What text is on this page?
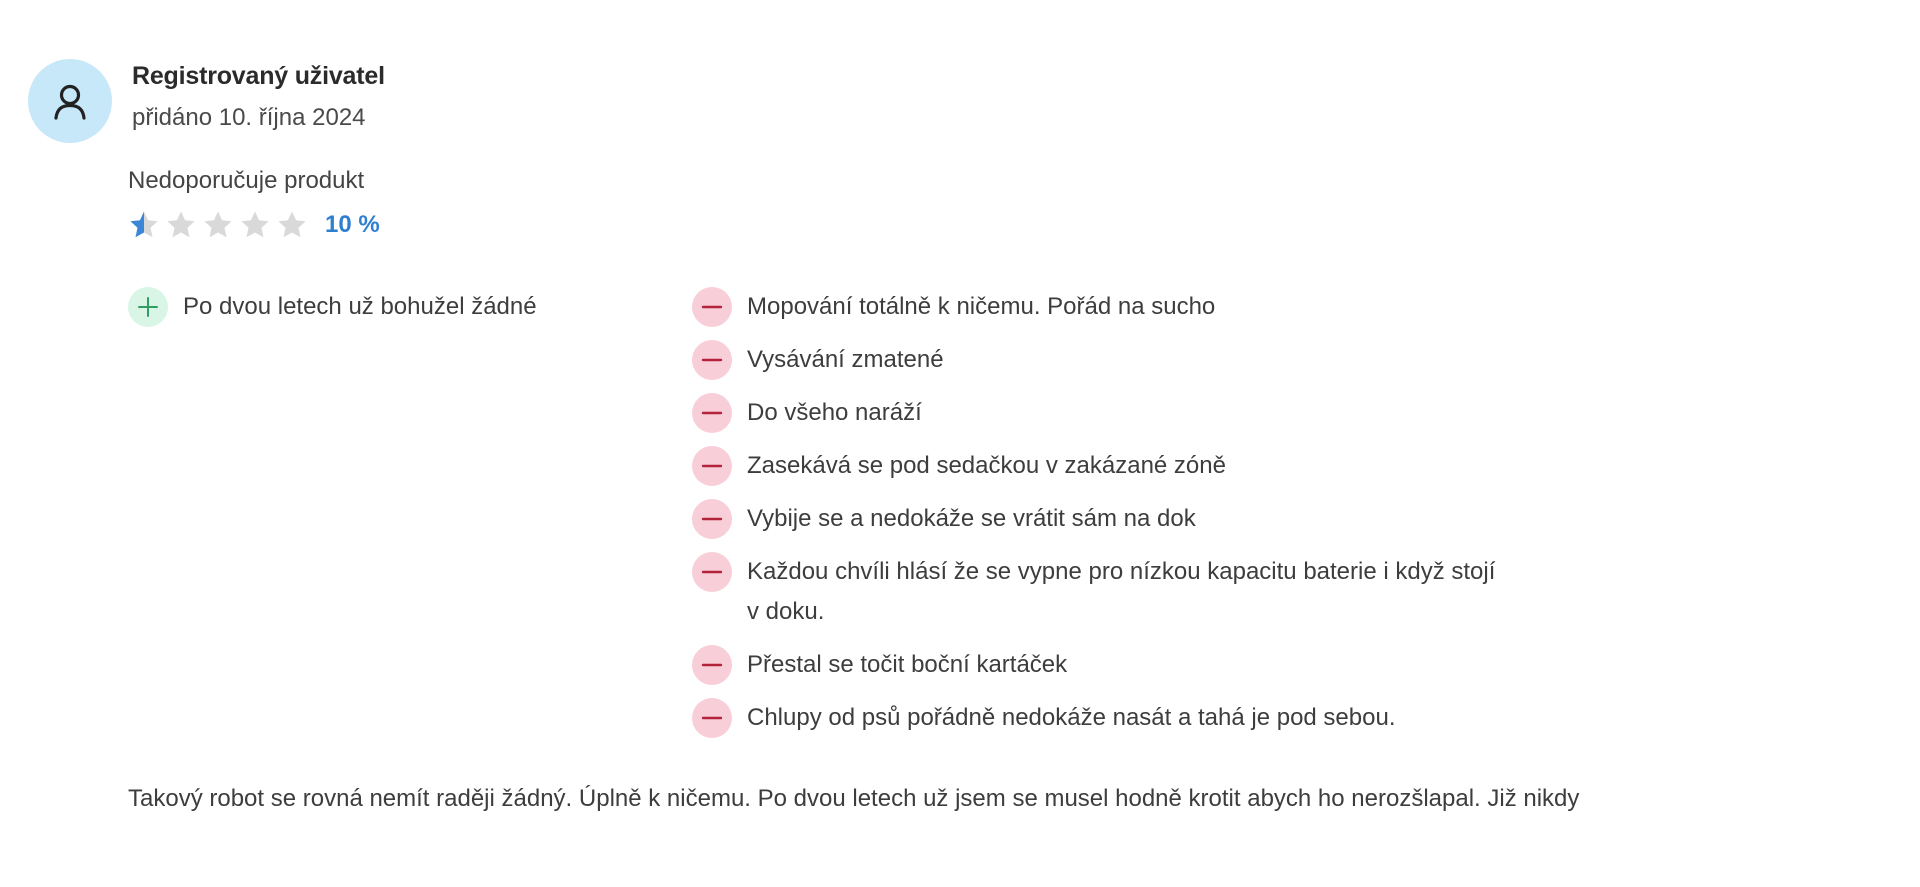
Registrovaný uživatel
přidáno 10. října 2024
Nedoporučuje produkt
10 %
Po dvou letech už bohužel žádné	Mopování totálně k ničemu. Pořád na sucho
Vysávání zmatené
Do všeho naráží
Zasekává se pod sedačkou v zakázané zóně
Vybije se a nedokáže se vrátit sám na dok
Každou chvíli hlásí že se vypne pro nízkou kapacitu baterie i když stojí v doku.
Přestal se točit boční kartáček
Chlupy od psů pořádně nedokáže nasát a tahá je pod sebou.
Takový robot se rovná nemít raději žádný. Úplně k ničemu. Po dvou letech už jsem se musel hodně krotit abych ho nerozšlapal. Již nikdy
